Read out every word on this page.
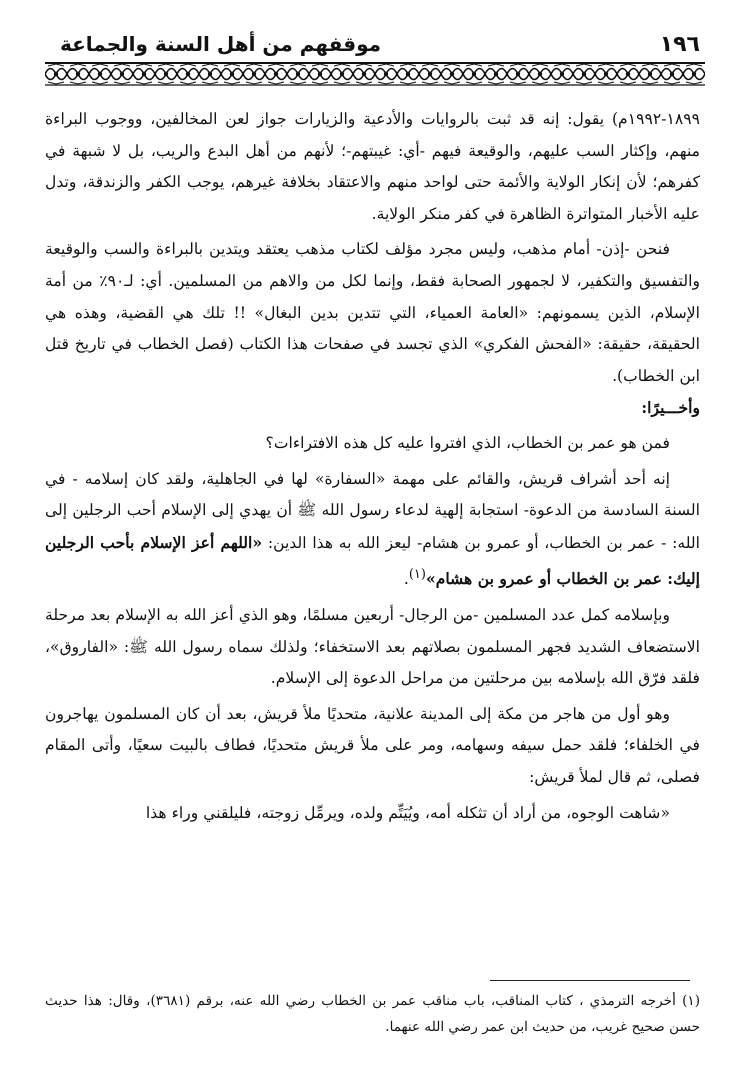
١٩٦
موقفهم من أهل السنة والجماعة

١٨٩٩-١٩٩٢م) يقول: إنه قد ثبت بالروايات والأدعية والزيارات جواز لعن المخالفين، ووجوب البراءة منهم، وإكثار السب عليهم، والوقيعة فيهم -أي: غيبتهم-؛ لأنهم من أهل البدع والريب، بل لا شبهة في كفرهم؛ لأن إنكار الولاية والأئمة حتى لواحد منهم والاعتقاد بخلافة غيرهم، يوجب الكفر والزندقة، وتدل عليه الأخبار المتواترة الظاهرة في كفر منكر الولاية.

فنحن -إذن- أمام مذهب، وليس مجرد مؤلف لكتاب مذهب يعتقد ويتدين بالبراءة والسب والوقيعة والتفسيق والتكفير، لا لجمهور الصحابة فقط، وإنما لكل من والاهم من المسلمين. أي: لـ٩٠٪ من أمة الإسلام، الذين يسمونهم: «العامة العمياء، التي تتدين بدين البغال» !! تلك هي القضية، وهذه هي الحقيقة، حقيقة: «الفحش الفكري» الذي تجسد في صفحات هذا الكتاب (فصل الخطاب في تاريخ قتل ابن الخطاب).

وأخـــيرًا:

فمن هو عمر بن الخطاب، الذي افتروا عليه كل هذه الافتراءات؟

إنه أحد أشراف قريش، والقائم على مهمة «السفارة» لها في الجاهلية، ولقد كان إسلامه - في السنة السادسة من الدعوة- استجابة إلهية لدعاء رسول الله ﷺ أن يهدي إلى الإسلام أحب الرجلين إلى الله: - عمر بن الخطاب، أو عمرو بن هشام- ليعز الله به هذا الدين: «اللهم أعز الإسلام بأحب الرجلين إليك: عمر بن الخطاب أو عمرو بن هشام»$^{(١)}$.

وبإسلامه كمل عدد المسلمين -من الرجال- أربعين مسلمًا، وهو الذي أعز الله به الإسلام بعد مرحلة الاستضعاف الشديد فجهر المسلمون بصلاتهم بعد الاستخفاء؛ ولذلك سماه رسول الله ﷺ: «الفاروق»، فلقد فرّق الله بإسلامه بين مرحلتين من مراحل الدعوة إلى الإسلام.

وهو أول من هاجر من مكة إلى المدينة علانية، متحديًا ملأ قريش، بعد أن كان المسلمون يهاجرون في الخلفاء؛ فلقد حمل سيفه وسهامه، ومر على ملأ قريش متحديًا، فطاف بالبيت سعيًا، وأتى المقام فصلى، ثم قال لملأ قريش:

«شاهت الوجوه، من أراد أن تثكله أمه، ويُيَتِّم ولده، ويرمِّل زوجته، فليلقني وراء هذا

(١) أخرجه الترمذي ، كتاب المناقب، باب مناقب عمر بن الخطاب رضي الله عنه، برقم (٣٦٨١)، وقال: هذا حديث حسن صحيح غريب، من حديث ابن عمر رضي الله عنهما.
